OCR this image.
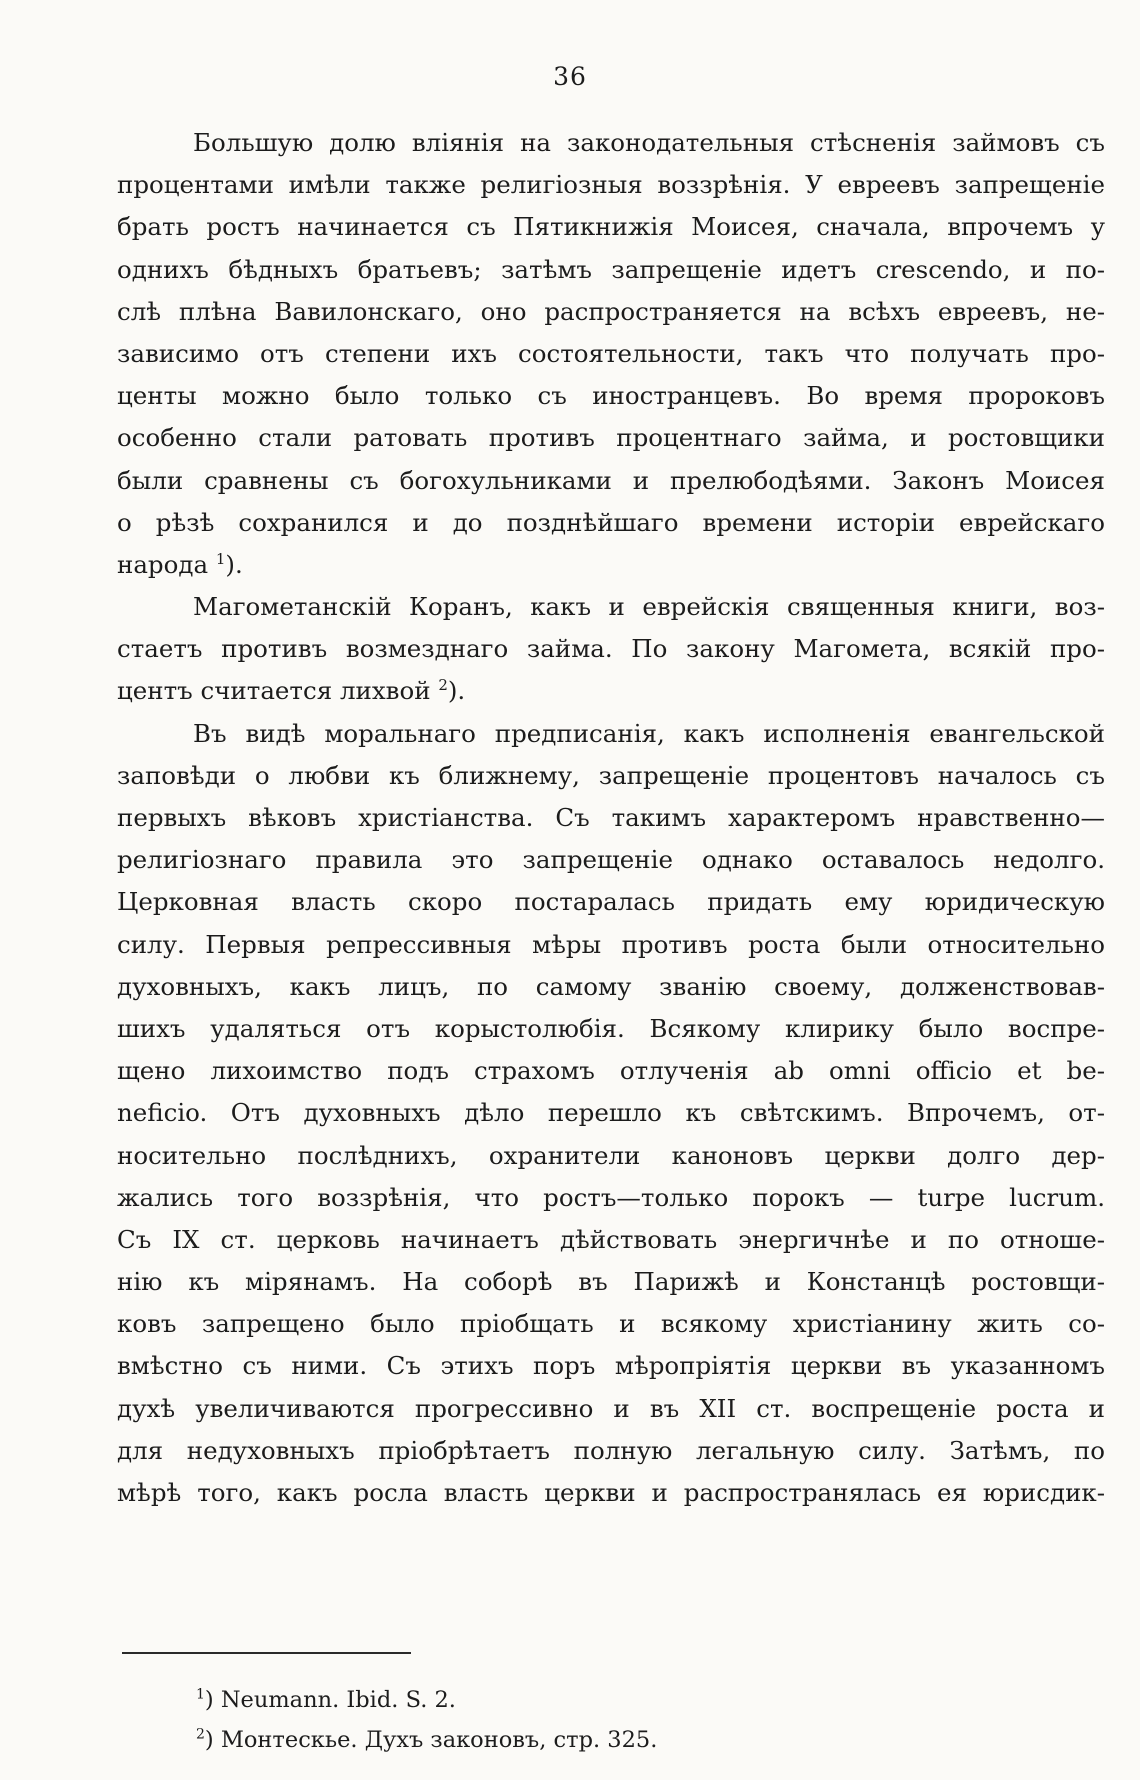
36
Большую долю вліянія на законодательныя стѣсненія займовъ съ
процентами имѣли также религіозныя воззрѣнія. У евреевъ запрещеніе
брать ростъ начинается съ Пятикнижія Моисея, сначала, впрочемъ у
однихъ бѣдныхъ братьевъ; затѣмъ запрещеніе идетъ crescendo, и по-
слѣ плѣна Вавилонскаго, оно распространяется на всѣхъ евреевъ, не-
зависимо отъ степени ихъ состоятельности, такъ что получать про-
центы можно было только съ иностранцевъ. Во время пророковъ
особенно стали ратовать противъ процентнаго займа, и ростовщики
были сравнены съ богохульниками и прелюбодѣями. Законъ Моисея
о рѣзѣ сохранился и до позднѣйшаго времени исторіи еврейскаго
народа $^1$).
Магометанскій Коранъ, какъ и еврейскія священныя книги, воз-
стаетъ противъ возмезднаго займа. По закону Магомета, всякій про-
центъ считается лихвой $^2$).
Въ видѣ моральнаго предписанія, какъ исполненія евангельской
заповѣди о любви къ ближнему, запрещеніе процентовъ началось съ
первыхъ вѣковъ христіанства. Съ такимъ характеромъ нравственно—
религіознаго правила это запрещеніе однако оставалось недолго.
Церковная власть скоро постаралась придать ему юридическую
силу. Первыя репрессивныя мѣры противъ роста были относительно
духовныхъ, какъ лицъ, по самому званію своему, долженствовав-
шихъ удаляться отъ корыстолюбія. Всякому клирику было воспре-
щено лихоимство подъ страхомъ отлученія ab omni officio et be-
neficio. Отъ духовныхъ дѣло перешло къ свѣтскимъ. Впрочемъ, от-
носительно послѣднихъ, охранители каноновъ церкви долго дер-
жались того воззрѣнія, что ростъ—только порокъ — turpe lucrum.
Съ IX ст. церковь начинаетъ дѣйствовать энергичнѣе и по отноше-
нію къ мірянамъ. На соборѣ въ Парижѣ и Констанцѣ ростовщи-
ковъ запрещено было пріобщать и всякому христіанину жить со-
вмѣстно съ ними. Съ этихъ поръ мѣропріятія церкви въ указанномъ
духѣ увеличиваются прогрессивно и въ XII ст. воспрещеніе роста и
для недуховныхъ пріобрѣтаетъ полную легальную силу. Затѣмъ, по
мѣрѣ того, какъ росла власть церкви и распространялась ея юрисдик-
$^1$) Neumann. Ibid. S. 2.
$^2$) Монтескье. Духъ законовъ, стр. 325.
